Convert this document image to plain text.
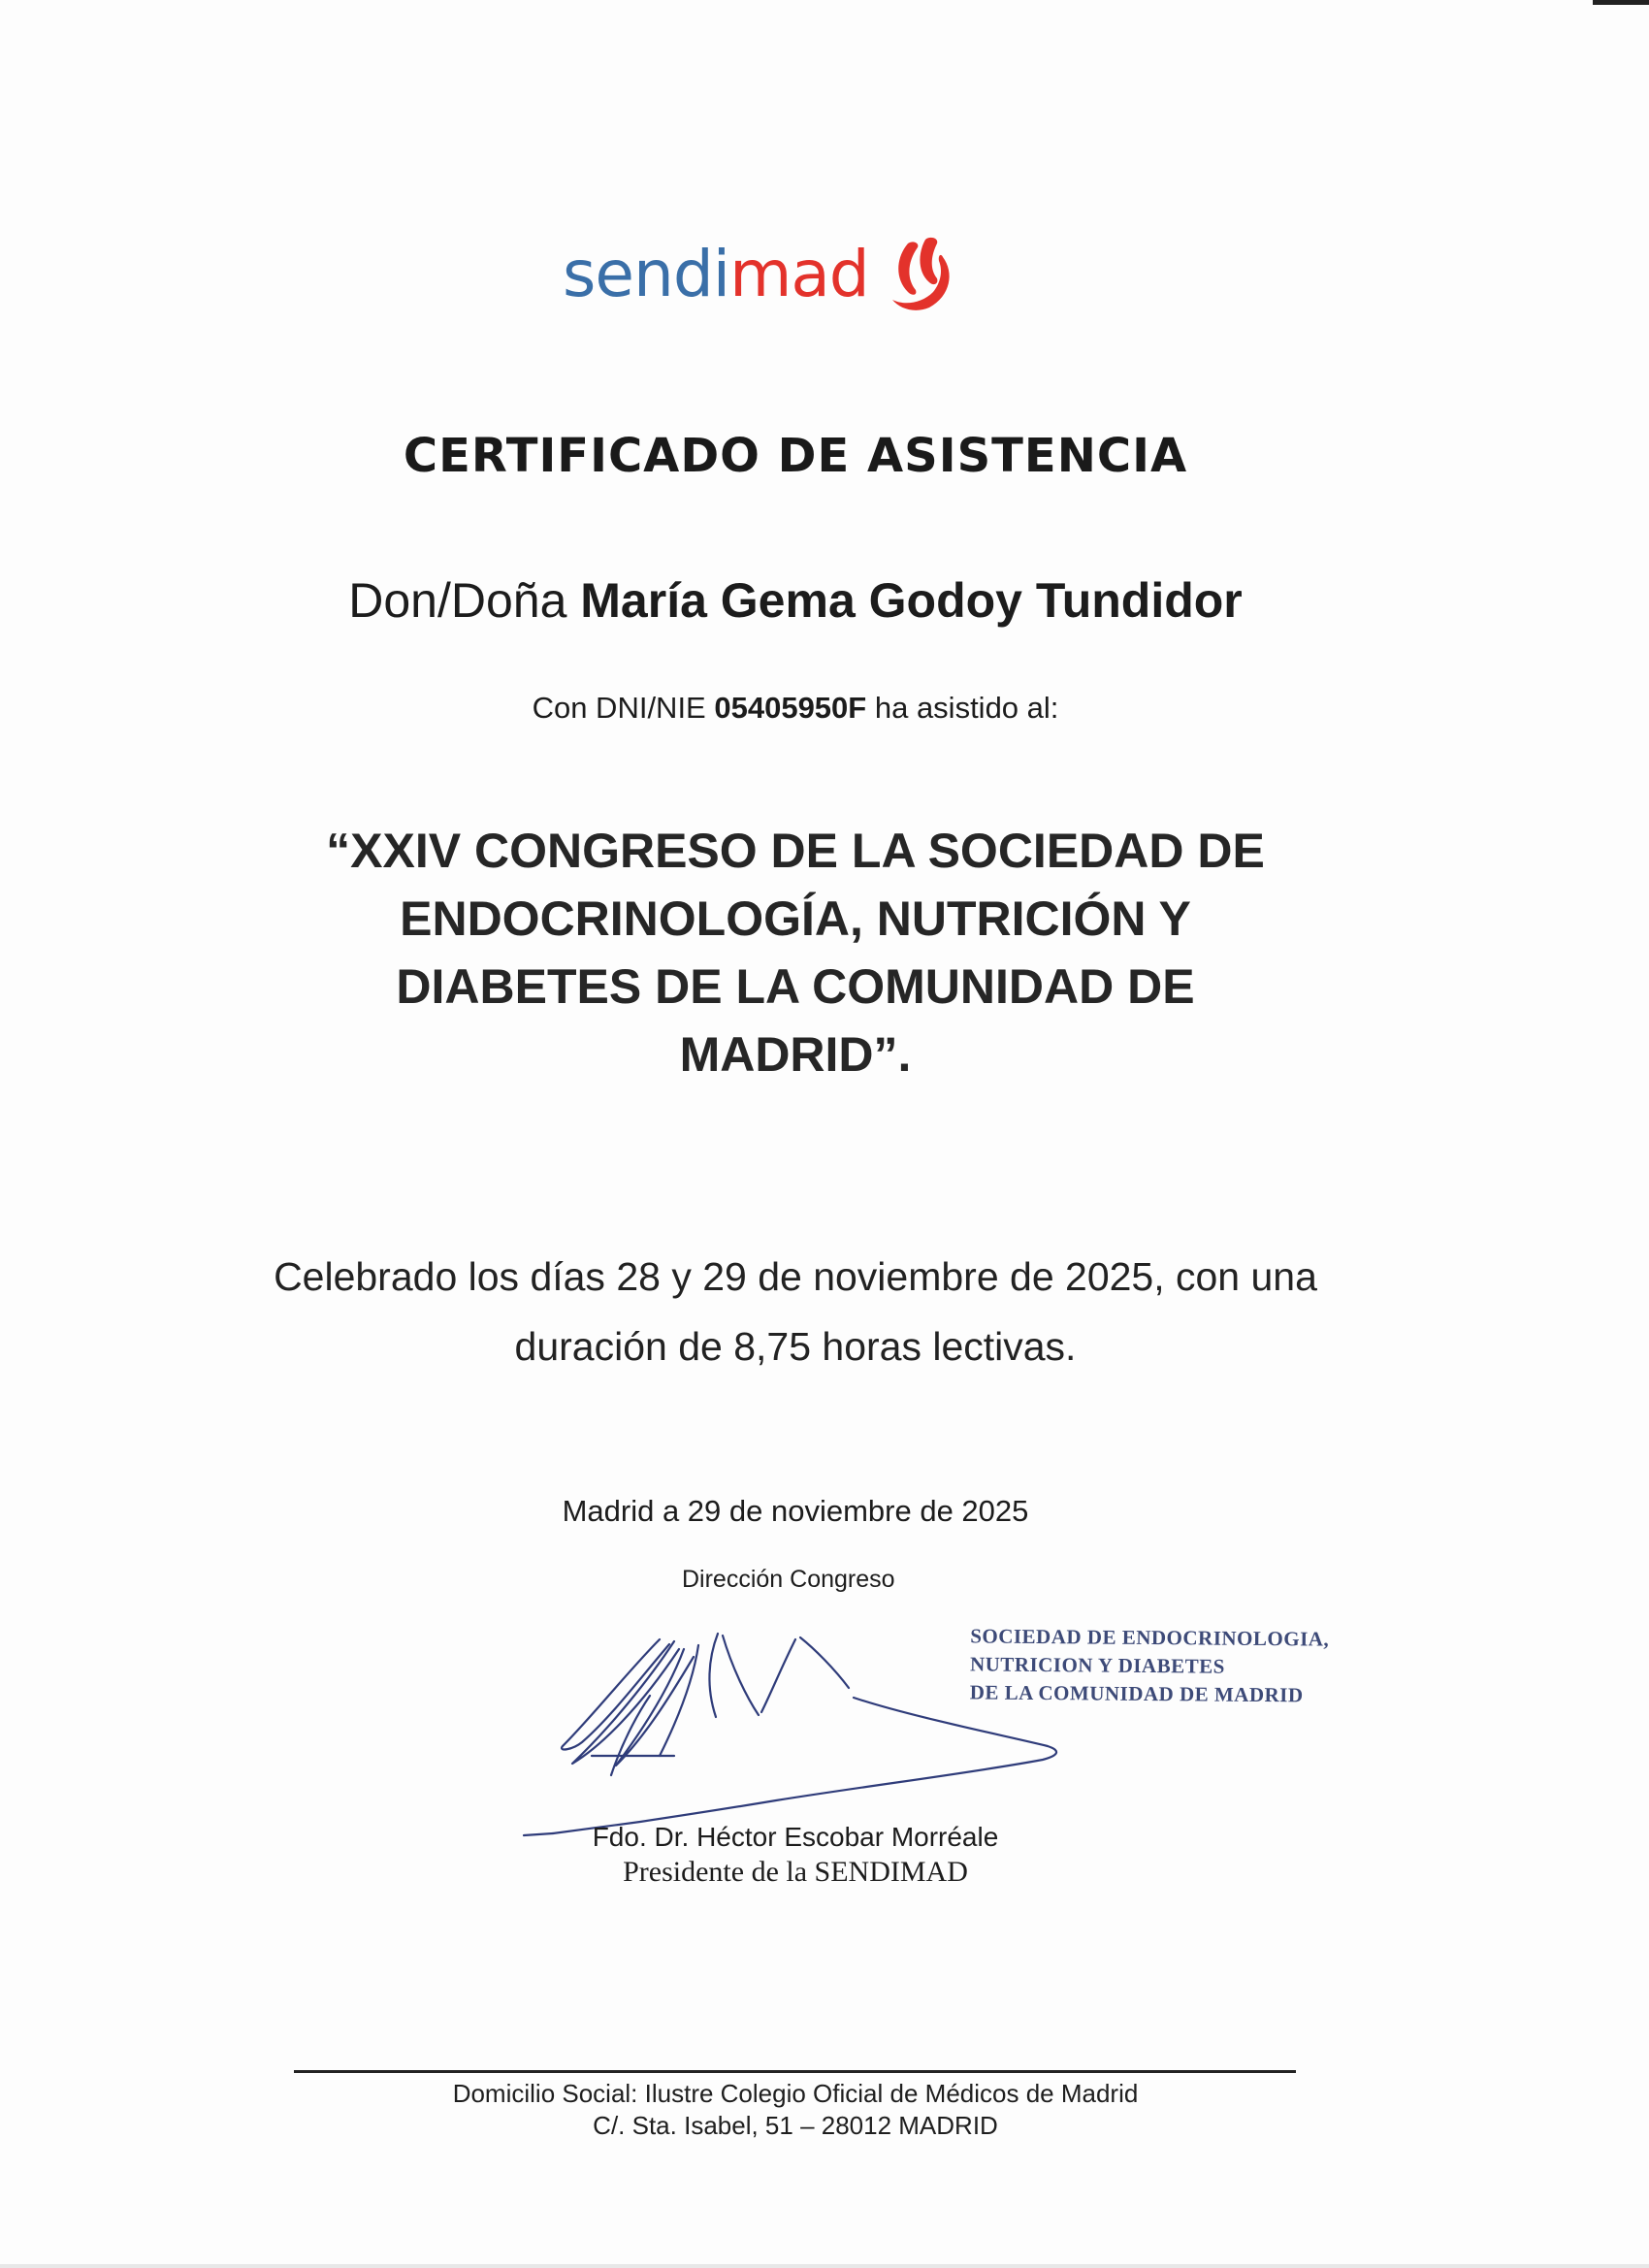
sendimad
CERTIFICADO DE ASISTENCIA
Don/Doña María Gema Godoy Tundidor
Con DNI/NIE 05405950F ha asistido al:
“XXIV CONGRESO DE LA SOCIEDAD DE
ENDOCRINOLOGÍA, NUTRICIÓN Y
DIABETES DE LA COMUNIDAD DE
MADRID”.
Celebrado los días 28 y 29 de noviembre de 2025, con una
duración de 8,75 horas lectivas.
Madrid a 29 de noviembre de 2025
Dirección Congreso
SOCIEDAD DE ENDOCRINOLOGIA,
NUTRICION Y DIABETES
DE LA COMUNIDAD DE MADRID
Fdo. Dr. Héctor Escobar Morréale
Presidente de la SENDIMAD
Domicilio Social: Ilustre Colegio Oficial de Médicos de Madrid
C/. Sta. Isabel, 51 – 28012 MADRID
